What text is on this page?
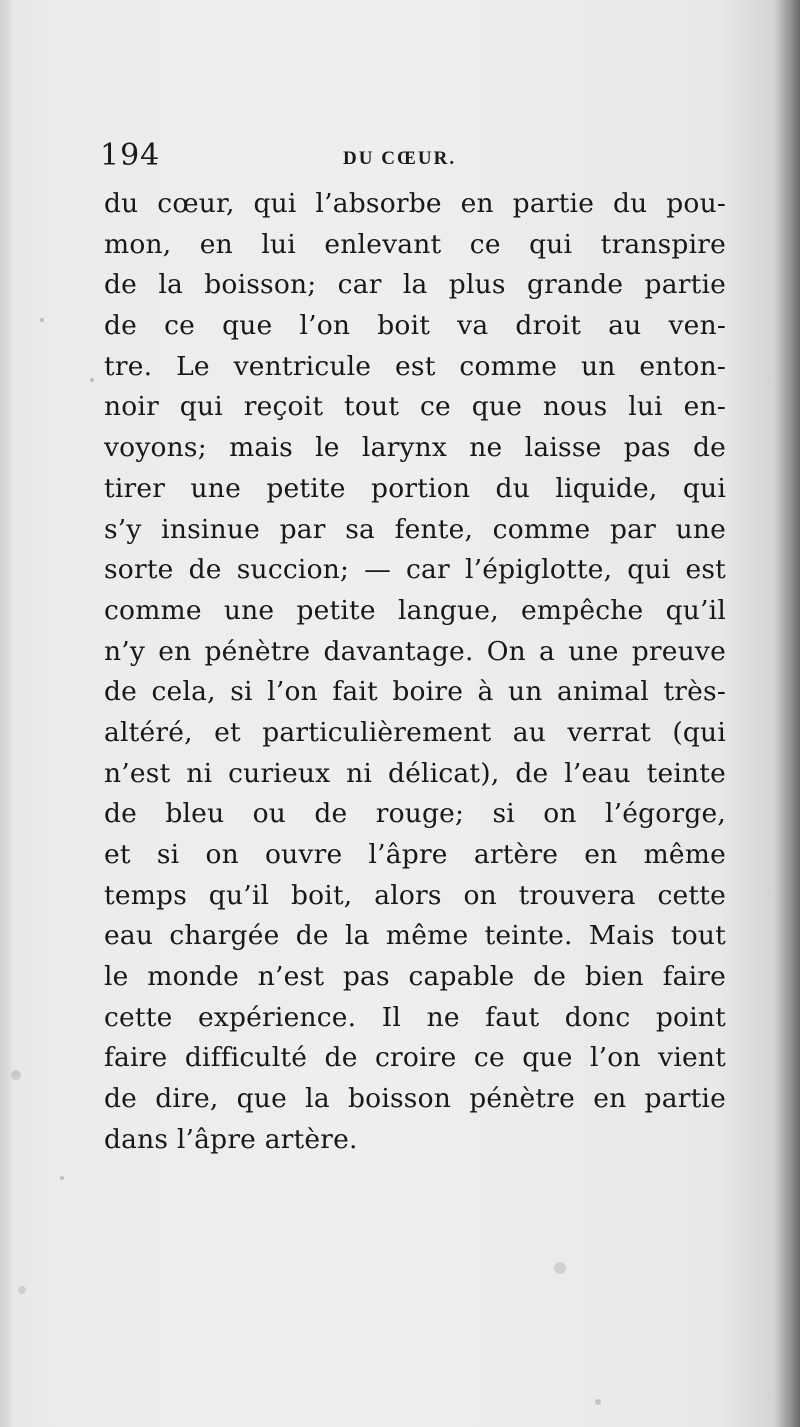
194	DU CŒUR.
du cœur, qui l’absorbe en partie du pou-
mon, en lui enlevant ce qui transpire
de la boisson; car la plus grande partie
de ce que l’on boit va droit au ven-
tre. Le ventricule est comme un enton-
noir qui reçoit tout ce que nous lui en-
voyons; mais le larynx ne laisse pas de
tirer une petite portion du liquide, qui
s’y insinue par sa fente, comme par une
sorte de succion; — car l’épiglotte, qui est
comme une petite langue, empêche qu’il
n’y en pénètre davantage. On a une preuve
de cela, si l’on fait boire à un animal très-
altéré, et particulièrement au verrat (qui
n’est ni curieux ni délicat), de l’eau teinte
de bleu ou de rouge; si on l’égorge,
et si on ouvre l’âpre artère en même
temps qu’il boit, alors on trouvera cette
eau chargée de la même teinte. Mais tout
le monde n’est pas capable de bien faire
cette expérience. Il ne faut donc point
faire difficulté de croire ce que l’on vient
de dire, que la boisson pénètre en partie
dans l’âpre artère.
